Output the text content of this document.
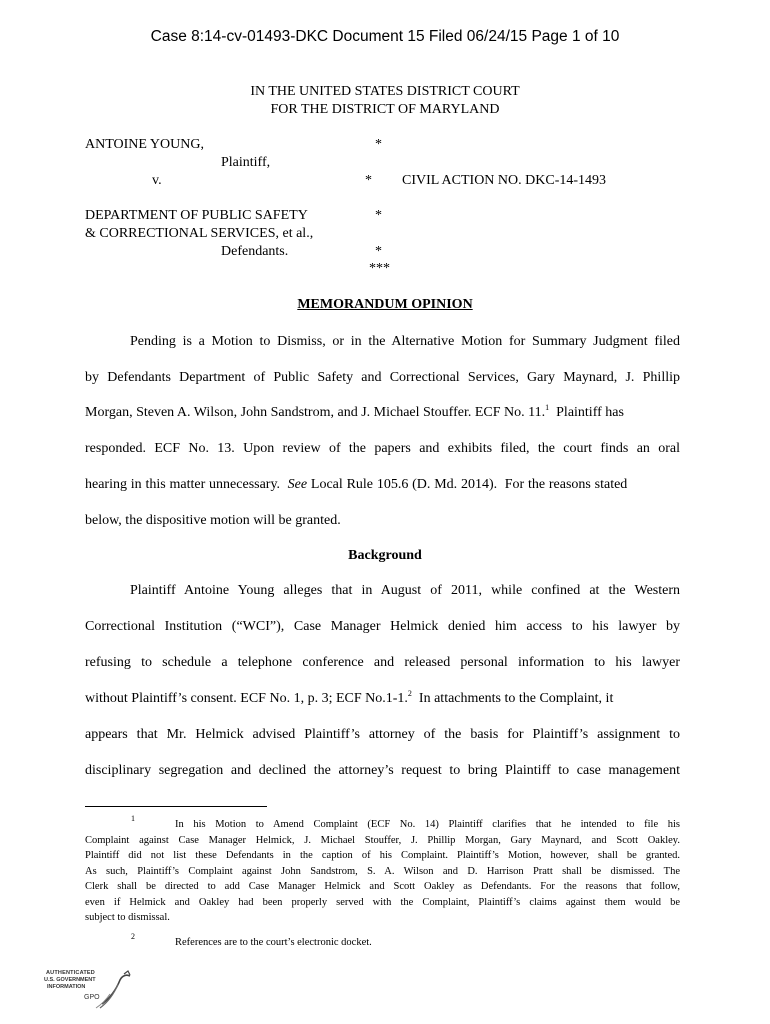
Case 8:14-cv-01493-DKC Document 15 Filed 06/24/15 Page 1 of 10
IN THE UNITED STATES DISTRICT COURT
FOR THE DISTRICT OF MARYLAND
ANTOINE YOUNG,	*
Plaintiff,
v.	* CIVIL ACTION NO. DKC-14-1493
DEPARTMENT OF PUBLIC SAFETY	*
& CORRECTIONAL SERVICES, et al.,
Defendants.	*
***
MEMORANDUM OPINION
Pending is a Motion to Dismiss, or in the Alternative Motion for Summary Judgment filed
by Defendants Department of Public Safety and Correctional Services, Gary Maynard, J. Phillip
Morgan, Steven A. Wilson, John Sandstrom, and J. Michael Stouffer. ECF No. 11.$^1$  Plaintiff has
responded. ECF No. 13. Upon review of the papers and exhibits filed, the court finds an oral
hearing in this matter unnecessary.  See Local Rule 105.6 (D. Md. 2014).  For the reasons stated
below, the dispositive motion will be granted.
Background
Plaintiff Antoine Young alleges that in August of 2011, while confined at the Western
Correctional Institution (“WCI”), Case Manager Helmick denied him access to his lawyer by
refusing to schedule a telephone conference and released personal information to his lawyer
without Plaintiff’s consent. ECF No. 1, p. 3; ECF No.1-1.$^2$  In attachments to the Complaint, it
appears that Mr. Helmick advised Plaintiff’s attorney of the basis for Plaintiff’s assignment to
disciplinary segregation and declined the attorney’s request to bring Plaintiff to case management
1
In his Motion to Amend Complaint (ECF No. 14) Plaintiff clarifies that he intended to file his
Complaint against Case Manager Helmick, J. Michael Stouffer, J. Phillip Morgan, Gary Maynard, and Scott Oakley.
Plaintiff did not list these Defendants in the caption of his Complaint. Plaintiff’s Motion, however, shall be granted.
As such, Plaintiff’s Complaint against John Sandstrom, S. A. Wilson and D. Harrison Pratt shall be dismissed. The
Clerk shall be directed to add Case Manager Helmick and Scott Oakley as Defendants. For the reasons that follow,
even if Helmick and Oakley had been properly served with the Complaint, Plaintiff’s claims against them would be
subject to dismissal.
2
References are to the court’s electronic docket.
AUTHENTICATED
U.S. GOVERNMENT
INFORMATION
GPO
